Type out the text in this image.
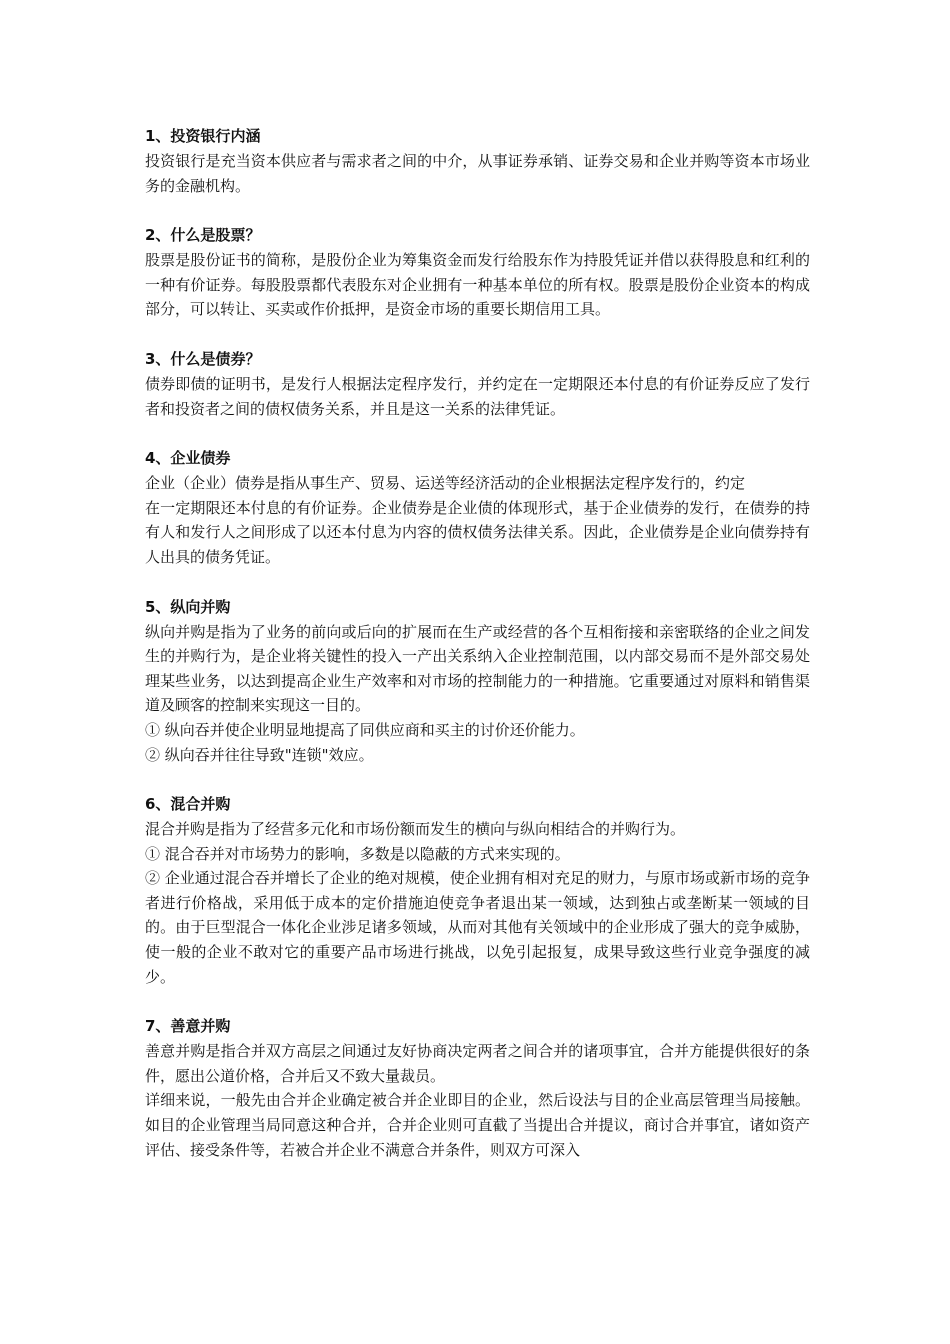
1、投资银行内涵
投资银行是充当资本供应者与需求者之间的中介，从事证券承销、证券交易和企业并购等资本市场业务的金融机构。
2、什么是股票？
股票是股份证书的简称，是股份企业为筹集资金而发行给股东作为持股凭证并借以获得股息和红利的一种有价证券。每股股票都代表股东对企业拥有一种基本单位的所有权。股票是股份企业资本的构成部分，可以转让、买卖或作价抵押，是资金市场的重要长期信用工具。
3、什么是债券？
债券即债的证明书，是发行人根据法定程序发行，并约定在一定期限还本付息的有价证券反应了发行者和投资者之间的债权债务关系，并且是这一关系的法律凭证。
4、企业债券
企业（企业）债券是指从事生产、贸易、运送等经济活动的企业根据法定程序发行的，约定
在一定期限还本付息的有价证券。企业债券是企业债的体现形式，基于企业债券的发行，在债券的持有人和发行人之间形成了以还本付息为内容的债权债务法律关系。因此，企业债券是企业向债券持有人出具的债务凭证。
5、纵向并购
纵向并购是指为了业务的前向或后向的扩展而在生产或经营的各个互相衔接和亲密联络的企业之间发生的并购行为，是企业将关键性的投入一产出关系纳入企业控制范围，以内部交易而不是外部交易处理某些业务，以达到提高企业生产效率和对市场的控制能力的一种措施。它重要通过对原料和销售渠道及顾客的控制来实现这一目的。
① 纵向吞并使企业明显地提高了同供应商和买主的讨价还价能力。
② 纵向吞并往往导致"连锁"效应。
6、混合并购
混合并购是指为了经营多元化和市场份额而发生的横向与纵向相结合的并购行为。
① 混合吞并对市场势力的影响，多数是以隐蔽的方式来实现的。
② 企业通过混合吞并增长了企业的绝对规模，使企业拥有相对充足的财力，与原市场或新市场的竞争者进行价格战，采用低于成本的定价措施迫使竞争者退出某一领域，达到独占或垄断某一领域的目的。由于巨型混合一体化企业涉足诸多领域，从而对其他有关领域中的企业形成了强大的竞争威胁，使一般的企业不敢对它的重要产品市场进行挑战，以免引起报复，成果导致这些行业竞争强度的减少。
7、善意并购
善意并购是指合并双方高层之间通过友好协商决定两者之间合并的诸项事宜，合并方能提供很好的条件，愿出公道价格，合并后又不致大量裁员。
详细来说，一般先由合并企业确定被合并企业即目的企业，然后设法与目的企业高层管理当局接触。如目的企业管理当局同意这种合并，合并企业则可直截了当提出合并提议，商讨合并事宜，诸如资产评估、接受条件等，若被合并企业不满意合并条件，则双方可深入
